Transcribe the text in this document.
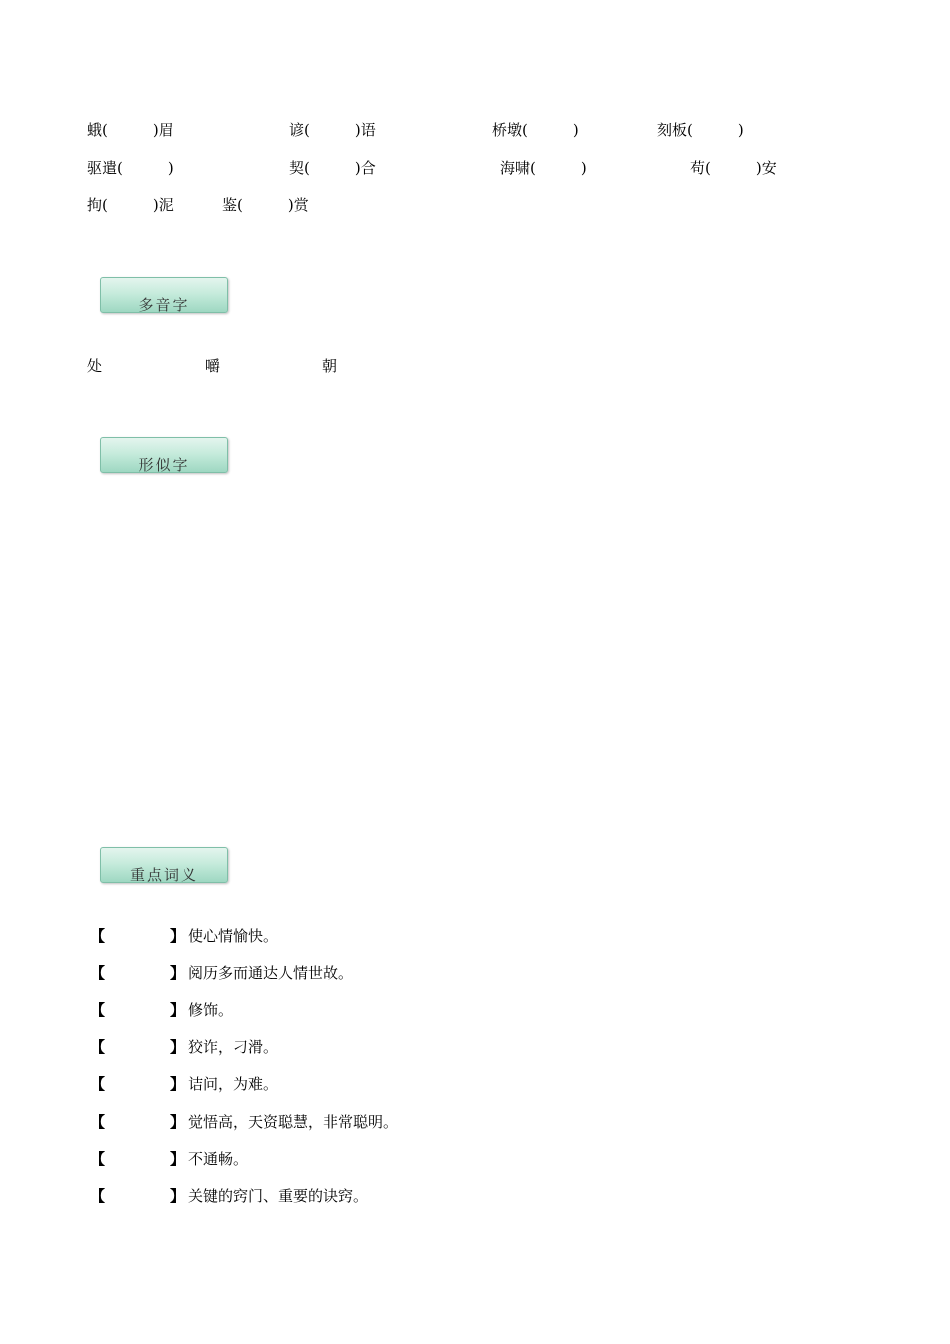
蛾(　　　)眉	谚(　　　)语	桥墩(　　　)	刻板(　　　)
驱遣(　　　)	契(　　　)合	海啸(　　　)	苟(　　　)安
拘(　　　)泥	鉴(　　　)赏
多音字
处	嚼	朝
形似字
重点词义
【	】 使心情愉快。
【	】 阅历多而通达人情世故。
【	】 修饰。
【	】 狡诈，刁滑。
【	】 诘问，为难。
【	】 觉悟高，天资聪慧，非常聪明。
【	】 不通畅。
【	】 关键的窍门、重要的诀窍。
